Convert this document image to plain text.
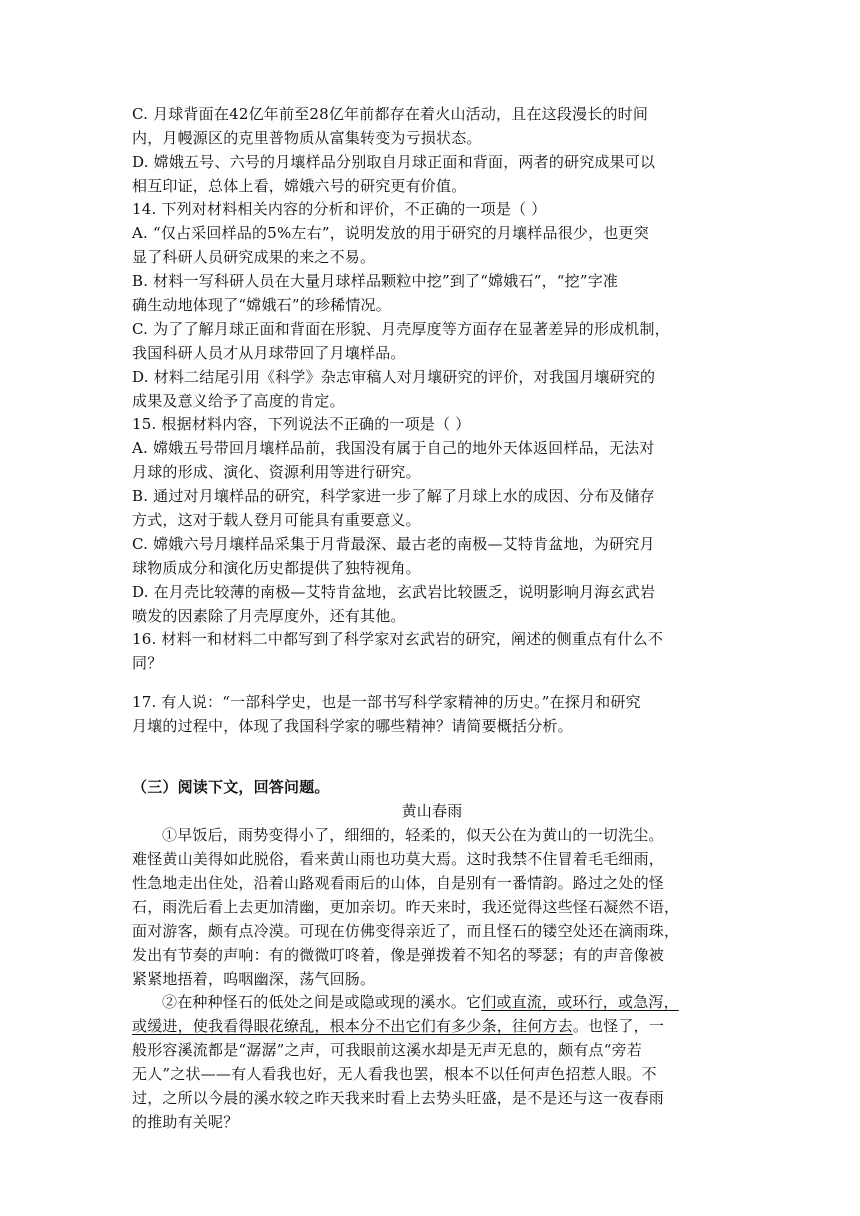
C. 月球背面在42亿年前至28亿年前都存在着火山活动，且在这段漫长的时间
内，月幔源区的克里普物质从富集转变为亏损状态。
D. 嫦娥五号、六号的月壤样品分别取自月球正面和背面，两者的研究成果可以
相互印证，总体上看，嫦娥六号的研究更有价值。
14. 下列对材料相关内容的分析和评价，不正确的一项是（ ）
A. “仅占采回样品的5%左右”，说明发放的用于研究的月壤样品很少，也更突
显了科研人员研究成果的来之不易。
B. 材料一写科研人员在大量月球样品颗粒中挖”到了“嫦娥石”，“挖”字准
确生动地体现了“嫦娥石”的珍稀情况。
C. 为了了解月球正面和背面在形貌、月壳厚度等方面存在显著差异的形成机制，
我国科研人员才从月球带回了月壤样品。
D. 材料二结尾引用《科学》杂志审稿人对月壤研究的评价，对我国月壤研究的
成果及意义给予了高度的肯定。
15. 根据材料内容，下列说法不正确的一项是（ ）
A. 嫦娥五号带回月壤样品前，我国没有属于自己的地外天体返回样品，无法对
月球的形成、演化、资源利用等进行研究。
B. 通过对月壤样品的研究，科学家进一步了解了月球上水的成因、分布及储存
方式，这对于载人登月可能具有重要意义。
C. 嫦娥六号月壤样品采集于月背最深、最古老的南极—艾特肯盆地，为研究月
球物质成分和演化历史都提供了独特视角。
D. 在月壳比较薄的南极—艾特肯盆地，玄武岩比较匮乏，说明影响月海玄武岩
喷发的因素除了月壳厚度外，还有其他。
16. 材料一和材料二中都写到了科学家对玄武岩的研究，阐述的侧重点有什么不
同？
17. 有人说：“一部科学史，也是一部书写科学家精神的历史。”在探月和研究
月壤的过程中，体现了我国科学家的哪些精神？请简要概括分析。
（三）阅读下文，回答问题。
黄山春雨
①早饭后，雨势变得小了，细细的，轻柔的，似天公在为黄山的一切洗尘。
难怪黄山美得如此脱俗，看来黄山雨也功莫大焉。这时我禁不住冒着毛毛细雨，
性急地走出住处，沿着山路观看雨后的山体，自是别有一番情韵。路过之处的怪
石，雨洗后看上去更加清幽，更加亲切。昨天来时，我还觉得这些怪石凝然不语，
面对游客，颇有点冷漠。可现在仿佛变得亲近了，而且怪石的镂空处还在滴雨珠，
发出有节奏的声响：有的微微叮咚着，像是弹拨着不知名的琴瑟；有的声音像被
紧紧地捂着，呜咽幽深，荡气回肠。
②在种种怪石的低处之间是或隐或现的溪水。它们或直流，或环行，或急泻，
或缓进，使我看得眼花缭乱，根本分不出它们有多少条，往何方去。也怪了，一
般形容溪流都是“潺潺”之声，可我眼前这溪水却是无声无息的，颇有点“旁若
无人”之状——有人看我也好，无人看我也罢，根本不以任何声色招惹人眼。不
过，之所以今晨的溪水较之昨天我来时看上去势头旺盛，是不是还与这一夜春雨
的推助有关呢？
